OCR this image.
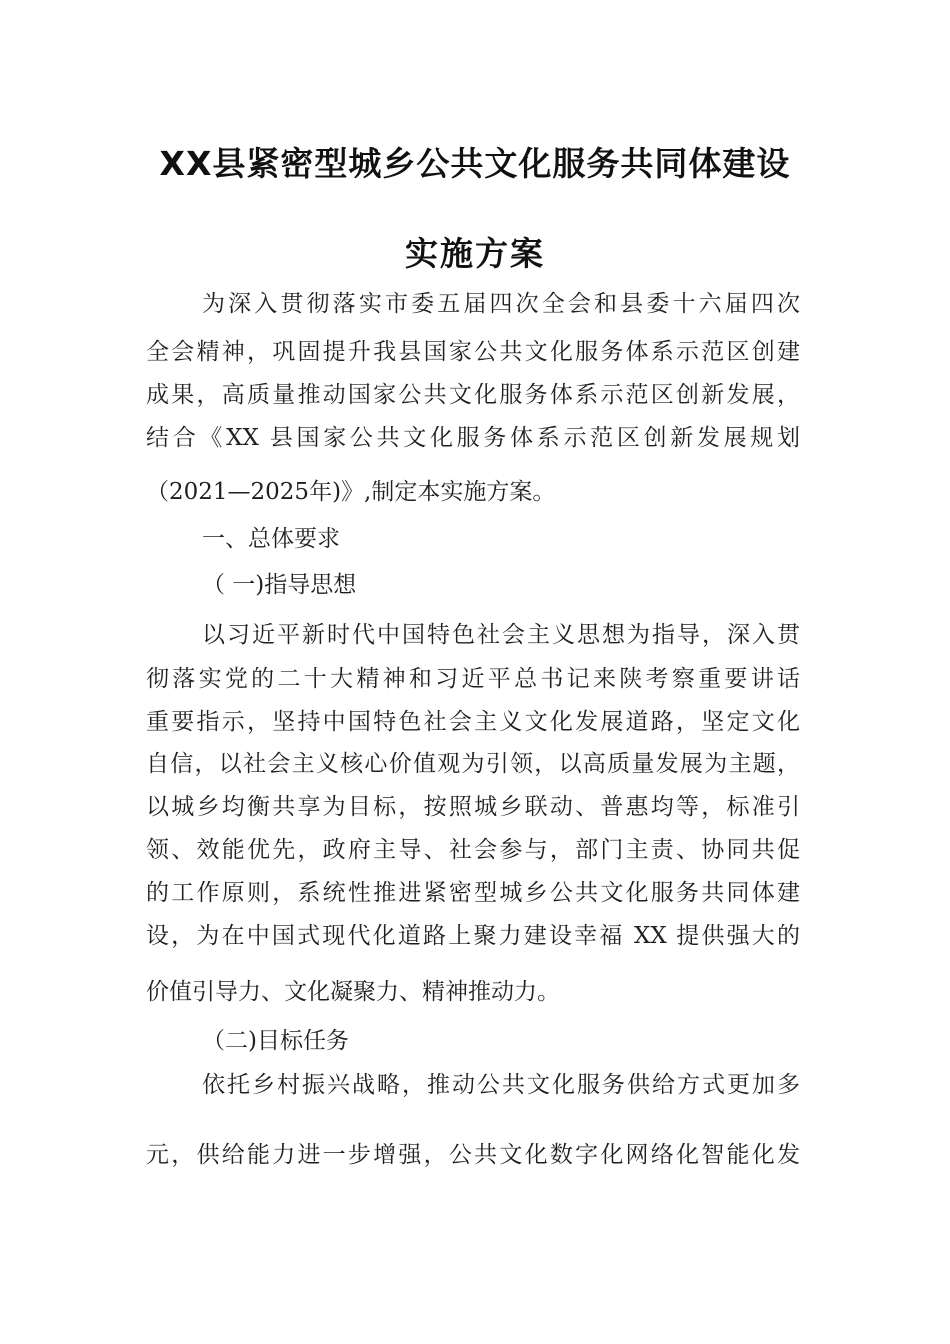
XX县紧密型城乡公共文化服务共同体建设
实施方案
为深入贯彻落实市委五届四次全会和县委十六届四次
全会精神，巩固提升我县国家公共文化服务体系示范区创建
成果，高质量推动国家公共文化服务体系示范区创新发展，
结合《XX 县国家公共文化服务体系示范区创新发展规划
（2021—2025年)》,制定本实施方案。
一、总体要求
（ 一)指导思想
以习近平新时代中国特色社会主义思想为指导，深入贯
彻落实党的二十大精神和习近平总书记来陕考察重要讲话
重要指示，坚持中国特色社会主义文化发展道路，坚定文化
自信，以社会主义核心价值观为引领，以高质量发展为主题，
以城乡均衡共享为目标，按照城乡联动、普惠均等，标准引
领、效能优先，政府主导、社会参与，部门主责、协同共促
的工作原则，系统性推进紧密型城乡公共文化服务共同体建
设，为在中国式现代化道路上聚力建设幸福 XX 提供强大的
价值引导力、文化凝聚力、精神推动力。
（二)目标任务
依托乡村振兴战略，推动公共文化服务供给方式更加多
元，供给能力进一步增强，公共文化数字化网络化智能化发
